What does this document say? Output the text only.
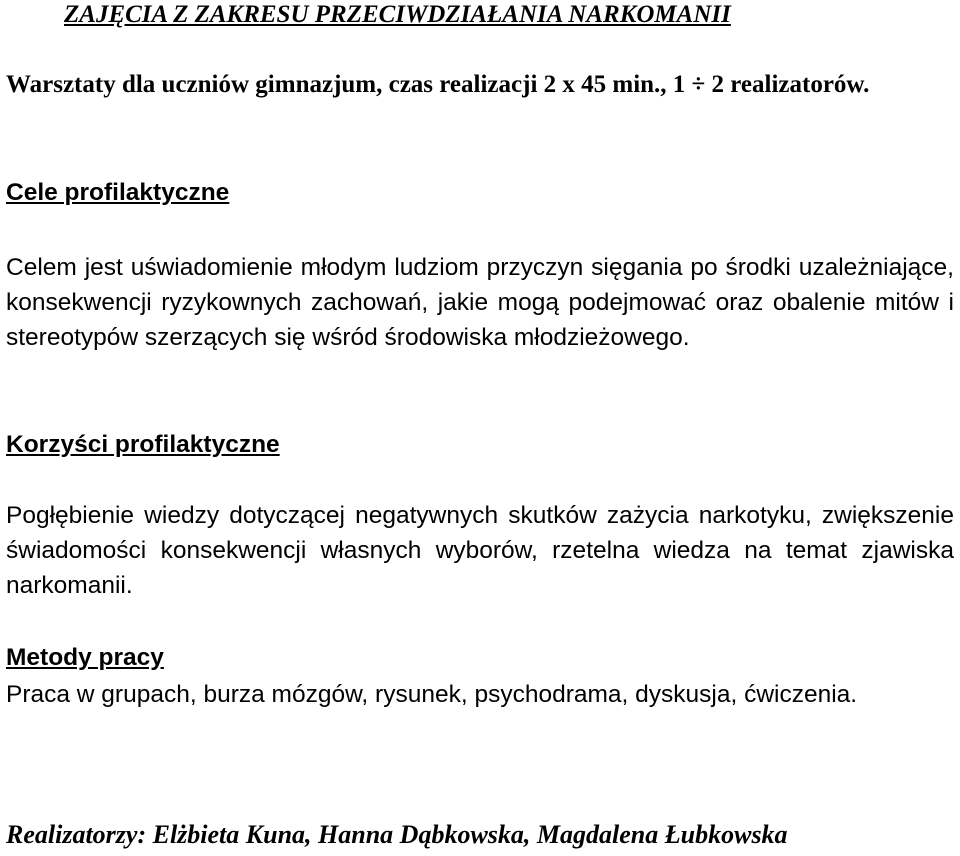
ZAJĘCIA Z ZAKRESU PRZECIWDZIAŁANIA NARKOMANII

Warsztaty dla uczniów gimnazjum, czas realizacji 2 x 45 min., 1 ÷ 2 realizatorów.

Cele profilaktyczne

Celem jest uświadomienie młodym ludziom przyczyn sięgania po środki uzależniające, konsekwencji ryzykownych zachowań, jakie mogą podejmować oraz obalenie mitów i stereotypów szerzących się wśród środowiska młodzieżowego.

Korzyści profilaktyczne

Pogłębienie wiedzy dotyczącej negatywnych skutków zażycia narkotyku, zwiększenie świadomości konsekwencji własnych wyborów, rzetelna wiedza na temat zjawiska narkomanii.

Metody pracy

Praca w grupach, burza mózgów, rysunek, psychodrama, dyskusja, ćwiczenia.

Realizatorzy: Elżbieta Kuna, Hanna Dąbkowska, Magdalena Łubkowska
